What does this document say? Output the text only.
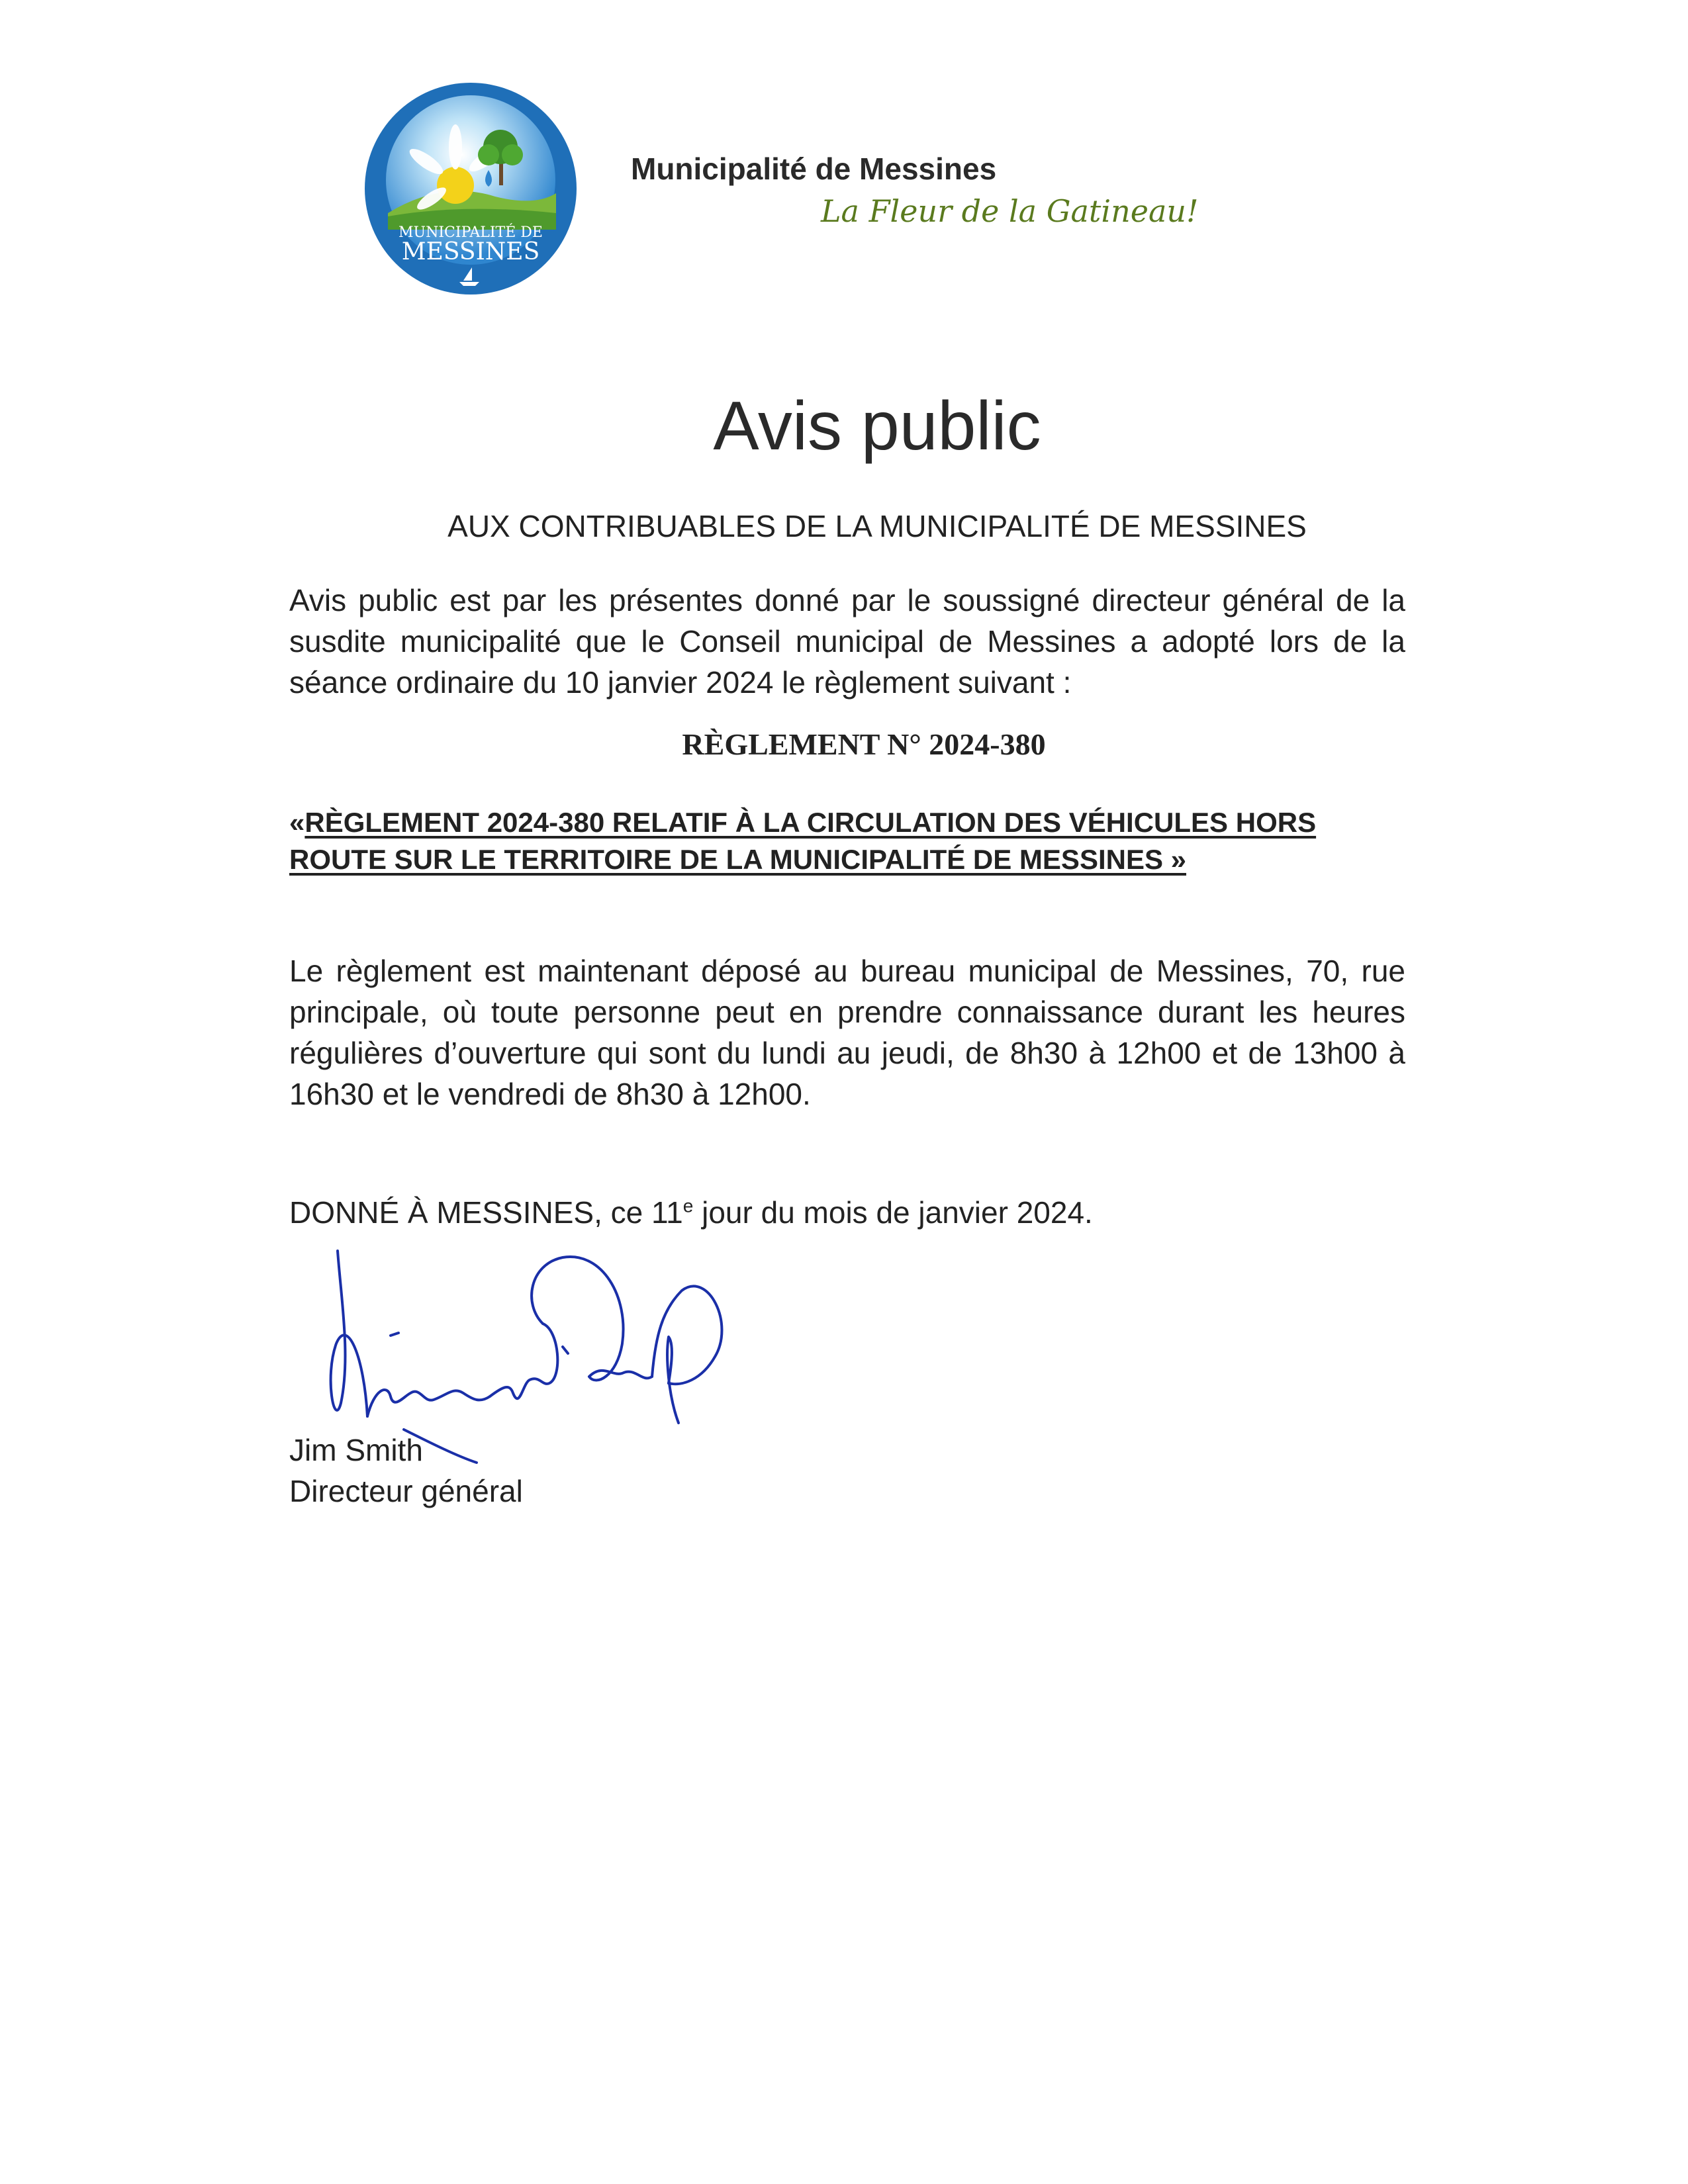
MUNICIPALITÉ DE
MESSINES
Municipalité de Messines
La Fleur de la Gatineau!
Avis public
AUX CONTRIBUABLES DE LA MUNICIPALITÉ DE MESSINES
Avis public est par les présentes donné par le soussigné directeur général de la susdite municipalité que le Conseil municipal de Messines a adopté lors de la séance ordinaire du 10 janvier 2024 le règlement suivant :
RÈGLEMENT N° 2024-380
«RÈGLEMENT 2024-380 RELATIF À LA CIRCULATION DES VÉHICULES HORS ROUTE SUR LE TERRITOIRE DE LA MUNICIPALITÉ DE MESSINES »
Le règlement est maintenant déposé au bureau municipal de Messines, 70, rue principale, où toute personne peut en prendre connaissance durant les heures régulières d’ouverture qui sont du lundi au jeudi, de 8h30 à 12h00 et de 13h00 à 16h30 et le vendredi de 8h30 à 12h00.
DONNÉ À MESSINES, ce 11e jour du mois de janvier 2024.
Jim Smith
Directeur général
